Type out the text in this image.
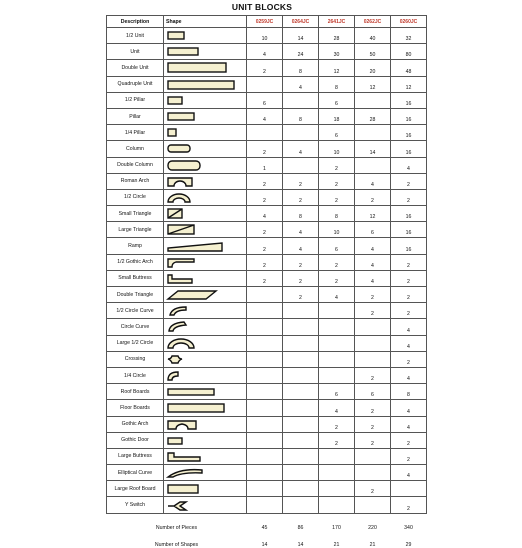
UNIT BLOCKS
Description	Shape	0259JC	0264JC	2641JC	0262JC	0260JC
1/2 Unit		10	14	28	40	32
Unit		4	24	30	50	80
Double Unit		2	8	12	20	48
Quadruple Unit			4	8	12	12
1/2 Pillar		6		6		16
Pillar		4	8	18	28	16
1/4 Pillar				6		16
Column		2	4	10	14	16
Double Column		1		2		4
Roman Arch		2	2	2	4	2
1/2 Circle		2	2	2	2	2
Small Triangle		4	8	8	12	16
Large Triangle		2	4	10	6	16
Ramp		2	4	6	4	16
1/2 Gothic Arch		2	2	2	4	2
Small Buttress		2	2	2	4	2
Double Triangle			2	4	2	2
1/2 Circle Curve					2	2
Circle Curve						4
Large 1/2 Circle						4
Crossing						2
1/4 Circle					2	4
Roof Boards				6	6	8
Floor Boards				4	2	4
Gothic Arch				2	2	4
Gothic Door				2	2	2
Large Buttress						2
Elliptical Curve						4
Large Roof Board					2	
Y Switch						2
Number of Pieces		45	86	170	220	340
Number of Shapes		14	14	21	21	29
